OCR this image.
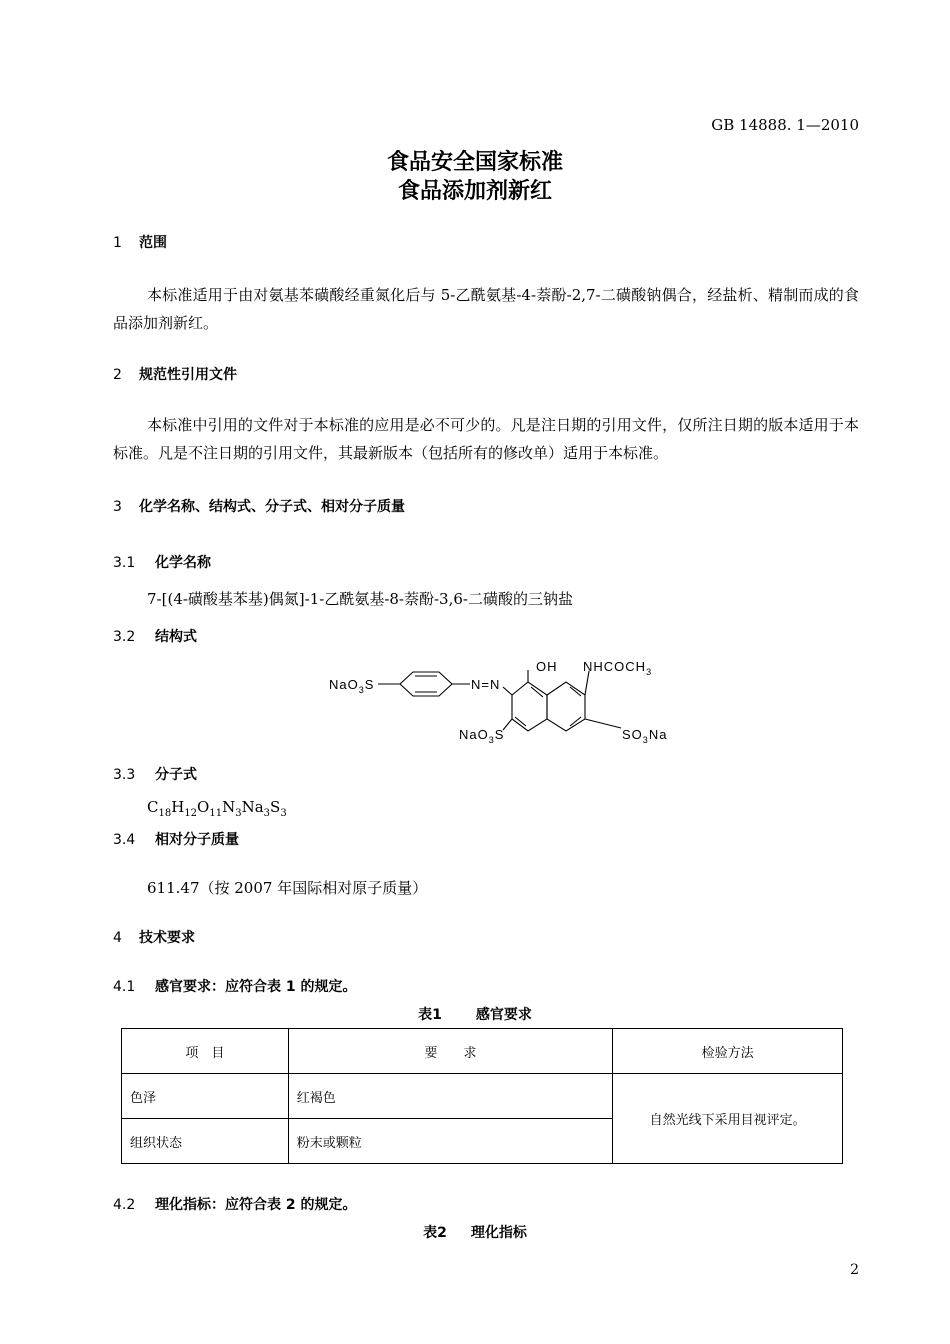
GB 14888. 1—2010
食品安全国家标准
食品添加剂新红
1 范围
本标准适用于由对氨基苯磺酸经重氮化后与 5-乙酰氨基-4-萘酚-2,7-二磺酸钠偶合，经盐析、精制而成的食品添加剂新红。
2 规范性引用文件
本标准中引用的文件对于本标准的应用是必不可少的。凡是注日期的引用文件，仅所注日期的版本适用于本标准。凡是不注日期的引用文件，其最新版本（包括所有的修改单）适用于本标准。
3 化学名称、结构式、分子式、相对分子质量
3.1 化学名称
7-[(4-磺酸基苯基)偶氮]-1-乙酰氨基-8-萘酚-3,6-二磺酸的三钠盐
3.2 结构式
NaO$_3$S	N=N
OH $NHCOCH_3$
NaO$_3$S	$SO_3Na$
3.3 分子式
$C_{18}H_{12}O_{11}N_3Na_3S_3$
3.4 相对分子质量
611.47（按 2007 年国际相对原子质量）
4 技术要求
4.1 感官要求：应符合表 1 的规定。
表1 感官要求
项　目	要　　求	检验方法
色泽	红褐色	自然光线下采用目视评定。
组织状态	粉末或颗粒	
4.2 理化指标：应符合表 2 的规定。
表2 理化指标
2
